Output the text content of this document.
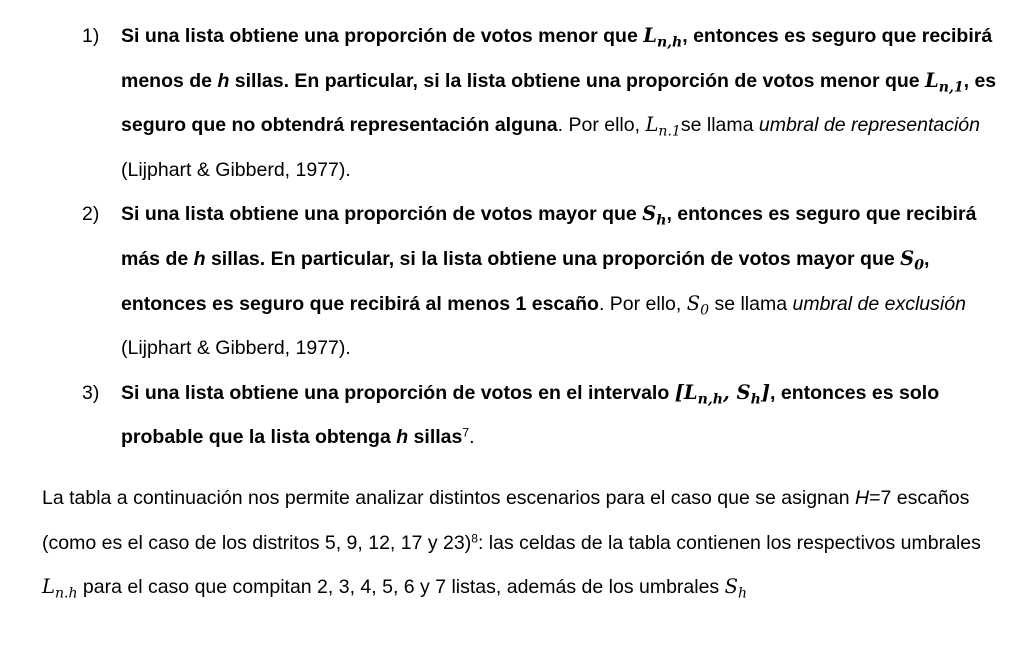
1) Si una lista obtiene una proporción de votos menor que $L_{n,h}$, entonces es seguro que recibirá menos de h sillas. En particular, si la lista obtiene una proporción de votos menor que $L_{n,1}$, es seguro que no obtendrá representación alguna. Por ello, $L_{n.1}se$ llama umbral de representación (Lijphart & Gibberd, 1977).
2) Si una lista obtiene una proporción de votos mayor que $S_h$, entonces es seguro que recibirá más de h sillas. En particular, si la lista obtiene una proporción de votos mayor que $S_0$, entonces es seguro que recibirá al menos 1 escaño. Por ello, $S_0$ se llama umbral de exclusión (Lijphart & Gibberd, 1977).
3) Si una lista obtiene una proporción de votos en el intervalo [$L_{n,h}$, $S_h$], entonces es solo probable que la lista obtenga h sillas$^7$.

La tabla a continuación nos permite analizar distintos escenarios para el caso que se asignan H=7 escaños (como es el caso de los distritos 5, 9, 12, 17 y 23)$^8$: las celdas de la tabla contienen los respectivos umbrales $L_{n.h}$ para el caso que compitan 2, 3, 4, 5, 6 y 7 listas, además de los umbrales $S_h$
